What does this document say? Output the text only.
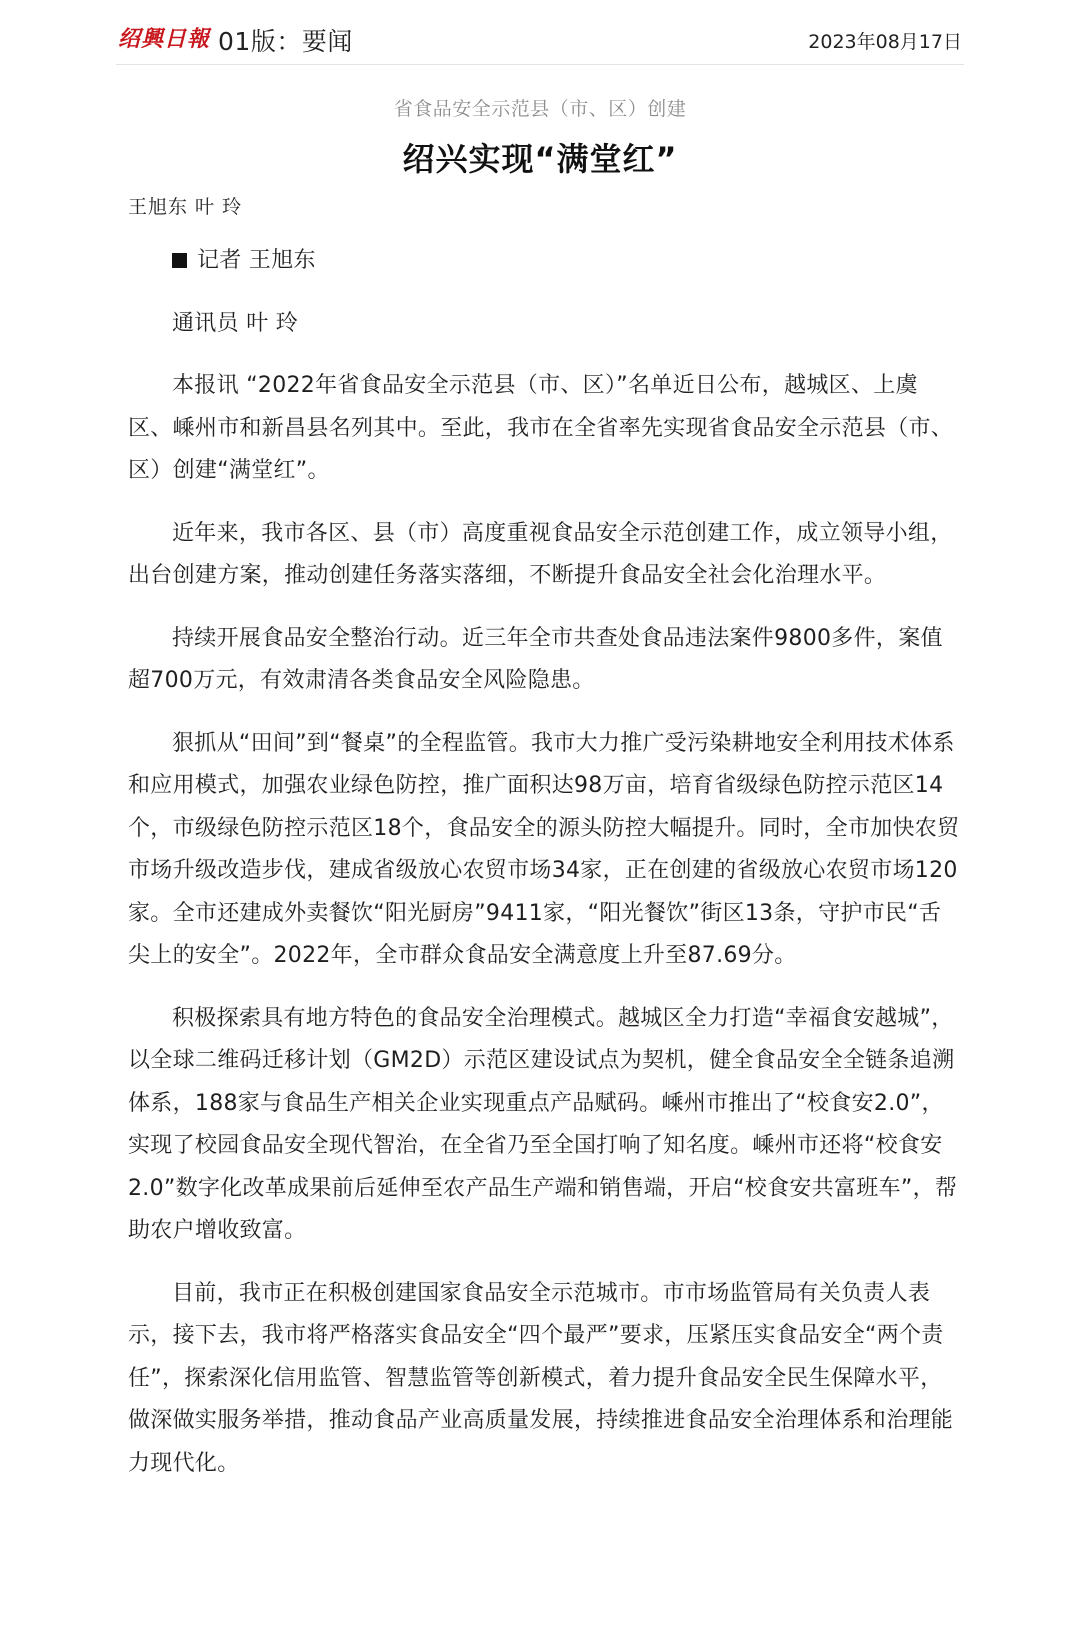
绍興日報 01版：要闻	2023年08月17日
省食品安全示范县（市、区）创建
绍兴实现“满堂红”
王旭东 叶 玲

记者 王旭东

通讯员 叶 玲

本报讯 “2022年省食品安全示范县（市、区）”名单近日公布，越城区、上虞区、嵊州市和新昌县名列其中。至此，我市在全省率先实现省食品安全示范县（市、区）创建“满堂红”。

近年来，我市各区、县（市）高度重视食品安全示范创建工作，成立领导小组，出台创建方案，推动创建任务落实落细，不断提升食品安全社会化治理水平。

持续开展食品安全整治行动。近三年全市共查处食品违法案件9800多件，案值超700万元，有效肃清各类食品安全风险隐患。

狠抓从“田间”到“餐桌”的全程监管。我市大力推广受污染耕地安全利用技术体系和应用模式，加强农业绿色防控，推广面积达98万亩，培育省级绿色防控示范区14个，市级绿色防控示范区18个，食品安全的源头防控大幅提升。同时，全市加快农贸市场升级改造步伐，建成省级放心农贸市场34家，正在创建的省级放心农贸市场120家。全市还建成外卖餐饮“阳光厨房”9411家，“阳光餐饮”街区13条，守护市民“舌尖上的安全”。2022年，全市群众食品安全满意度上升至87.69分。

积极探索具有地方特色的食品安全治理模式。越城区全力打造“幸福食安越城”，以全球二维码迁移计划（GM2D）示范区建设试点为契机，健全食品安全全链条追溯体系，188家与食品生产相关企业实现重点产品赋码。嵊州市推出了“校食安2.0”，实现了校园食品安全现代智治，在全省乃至全国打响了知名度。嵊州市还将“校食安2.0”数字化改革成果前后延伸至农产品生产端和销售端，开启“校食安共富班车”，帮助农户增收致富。

目前，我市正在积极创建国家食品安全示范城市。市市场监管局有关负责人表示，接下去，我市将严格落实食品安全“四个最严”要求，压紧压实食品安全“两个责任”，探索深化信用监管、智慧监管等创新模式，着力提升食品安全民生保障水平，做深做实服务举措，推动食品产业高质量发展，持续推进食品安全治理体系和治理能力现代化。
